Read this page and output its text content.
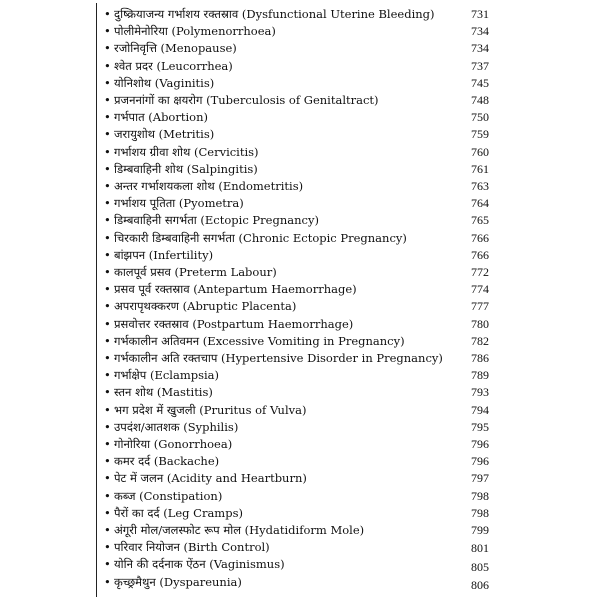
• दुष्क्रियाजन्य गर्भाशय रक्तस्राव (Dysfunctional Uterine Bleeding)	731
• पोलीमेनोरिया (Polymenorrhoea)	734
• रजोनिवृत्ति (Menopause)	734
• श्वेत प्रदर (Leucorrhea)	737
• योनिशोथ (Vaginitis)	745
• प्रजननांगों का क्षयरोग (Tuberculosis of Genitaltract)	748
• गर्भपात (Abortion)	750
• जरायुशोथ (Metritis)	759
• गर्भाशय ग्रीवा शोथ (Cervicitis)	760
• डिम्बवाहिनी शोथ (Salpingitis)	761
• अन्तर गर्भाशयकला शोथ (Endometritis)	763
• गर्भाशय पूतिता (Pyometra)	764
• डिम्बवाहिनी सगर्भता (Ectopic Pregnancy)	765
• चिरकारी डिम्बवाहिनी सगर्भता (Chronic Ectopic Pregnancy)	766
• बांझपन (Infertility)	766
• कालपूर्व प्रसव (Preterm Labour)	772
• प्रसव पूर्व रक्तस्राव (Antepartum Haemorrhage)	774
• अपरापृथक्करण (Abruptic Placenta)	777
• प्रसवोत्तर रक्तस्राव (Postpartum Haemorrhage)	780
• गर्भकालीन अतिवमन (Excessive Vomiting in Pregnancy)	782
• गर्भकालीन अति रक्तचाप (Hypertensive Disorder in Pregnancy)	786
• गर्भाक्षेप (Eclampsia)	789
• स्तन शोथ (Mastitis)	793
• भग प्रदेश में खुजली (Pruritus of Vulva)	794
• उपदंश/आतशक (Syphilis)	795
• गोनोरिया (Gonorrhoea)	796
• कमर दर्द (Backache)	796
• पेट में जलन (Acidity and Heartburn)	797
• कब्ज (Constipation)	798
• पैरों का दर्द (Leg Cramps)	798
• अंगूरी मोल/जलस्फोट रूप मोल (Hydatidiform Mole)	799
• परिवार नियोजन (Birth Control)	801
• योनि की दर्दनाक ऐंठन (Vaginismus)	805
• कृच्छ्रमैथुन (Dyspareunia)	806
